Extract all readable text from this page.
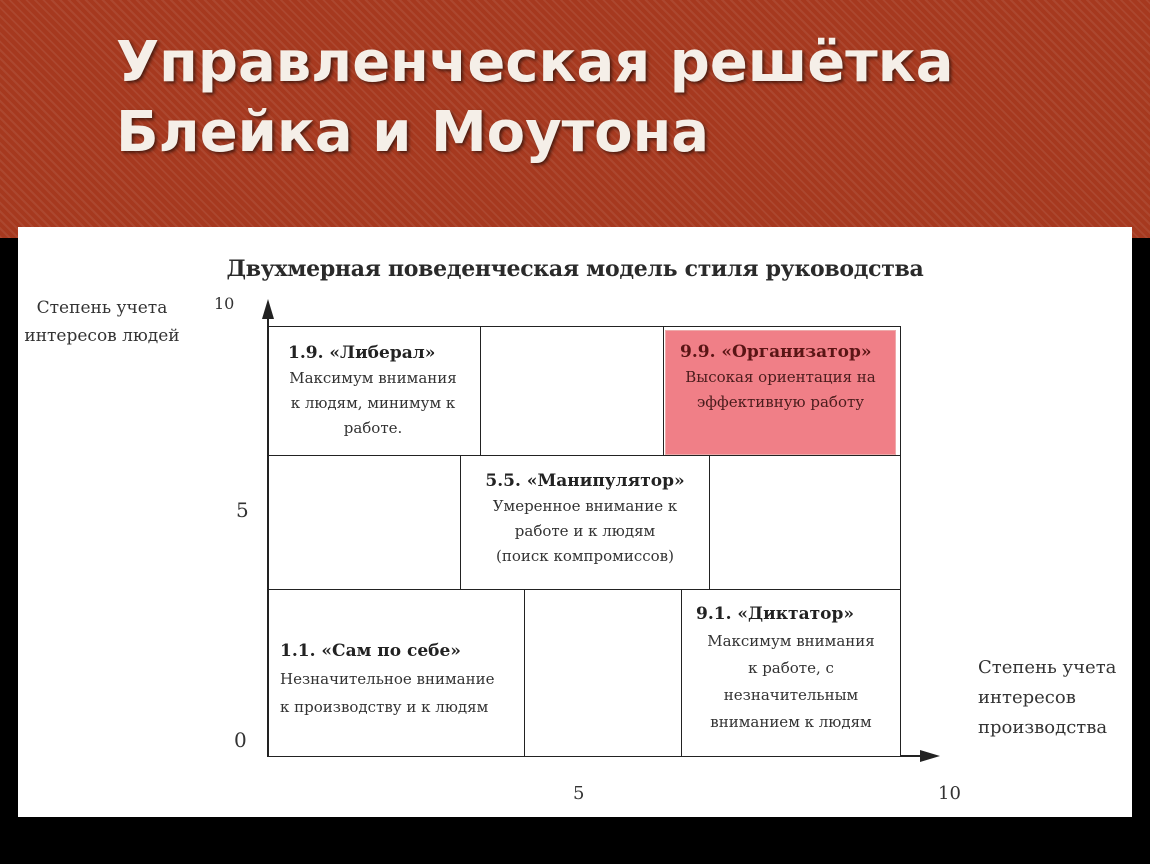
Управленческая решётка
Блейка и Моутона
Двухмерная поведенческая модель стиля руководства
Степень учета
интересов людей
10
5
0
5	10
Степень учета
интересов
производства
1.9. «Либерал»
Максимум внимания
к людям, минимум к
работе.
9.9. «Организатор»
Высокая ориентация на
эффективную работу
5.5. «Манипулятор»
Умеренное внимание к
работе и к людям
(поиск компромиссов)
1.1. «Сам по себе»
Незначительное внимание
к производству и к людям
9.1. «Диктатор»
Максимум внимания
к работе, с
незначительным
вниманием к людям
